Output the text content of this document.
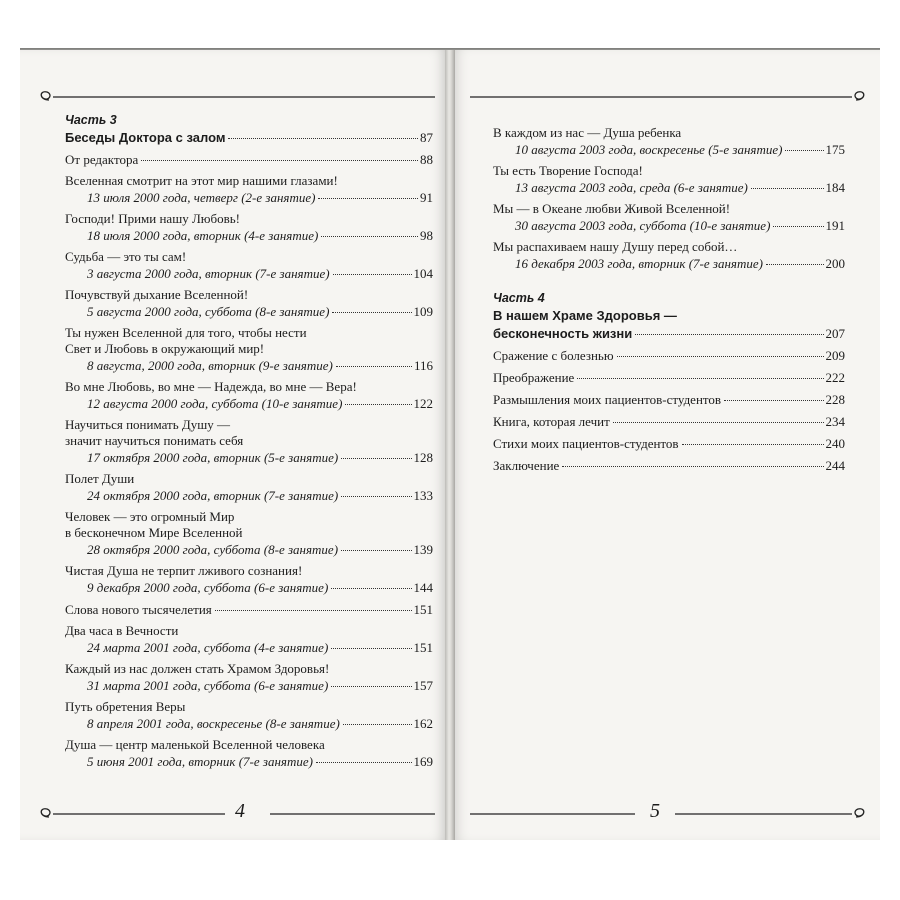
4	5
Часть 3
Беседы Доктора с залом	87
От редактора	88
Вселенная смотрит на этот мир нашими глазами!
13 июля 2000 года, четверг (2-е занятие)	91
Господи! Прими нашу Любовь!
18 июля 2000 года, вторник (4-е занятие)	98
Судьба — это ты сам!
3 августа 2000 года, вторник (7-е занятие)	104
Почувствуй дыхание Вселенной!
5 августа 2000 года, суббота (8-е занятие)	109
Ты нужен Вселенной для того, чтобы нести
Свет и Любовь в окружающий мир!
8 августа, 2000 года, вторник (9-е занятие)	116
Во мне Любовь, во мне — Надежда, во мне — Вера!
12 августа 2000 года, суббота (10-е занятие)	122
Научиться понимать Душу —
значит научиться понимать себя
17 октября 2000 года, вторник (5-е занятие)	128
Полет Души
24 октября 2000 года, вторник (7-е занятие)	133
Человек — это огромный Мир
в бесконечном Мире Вселенной
28 октября 2000 года, суббота (8-е занятие)	139
Чистая Душа не терпит лживого сознания!
9 декабря 2000 года, суббота (6-е занятие)	144
Слова нового тысячелетия	151
Два часа в Вечности
24 марта 2001 года, суббота (4-е занятие)	151
Каждый из нас должен стать Храмом Здоровья!
31 марта 2001 года, суббота (6-е занятие)	157
Путь обретения Веры
8 апреля 2001 года, воскресенье (8-е занятие)	162
Душа — центр маленькой Вселенной человека
5 июня 2001 года, вторник (7-е занятие)	169
В каждом из нас — Душа ребенка
10 августа 2003 года, воскресенье (5-е занятие)	175
Ты есть Творение Господа!
13 августа 2003 года, среда (6-е занятие)	184
Мы — в Океане любви Живой Вселенной!
30 августа 2003 года, суббота (10-е занятие)	191
Мы распахиваем нашу Душу перед собой…
16 декабря 2003 года, вторник (7-е занятие)	200
Часть 4
В нашем Храме Здоровья —
бесконечность жизни	207
Сражение с болезнью	209
Преображение	222
Размышления моих пациентов-студентов	228
Книга, которая лечит	234
Стихи моих пациентов-студентов	240
Заключение	244
